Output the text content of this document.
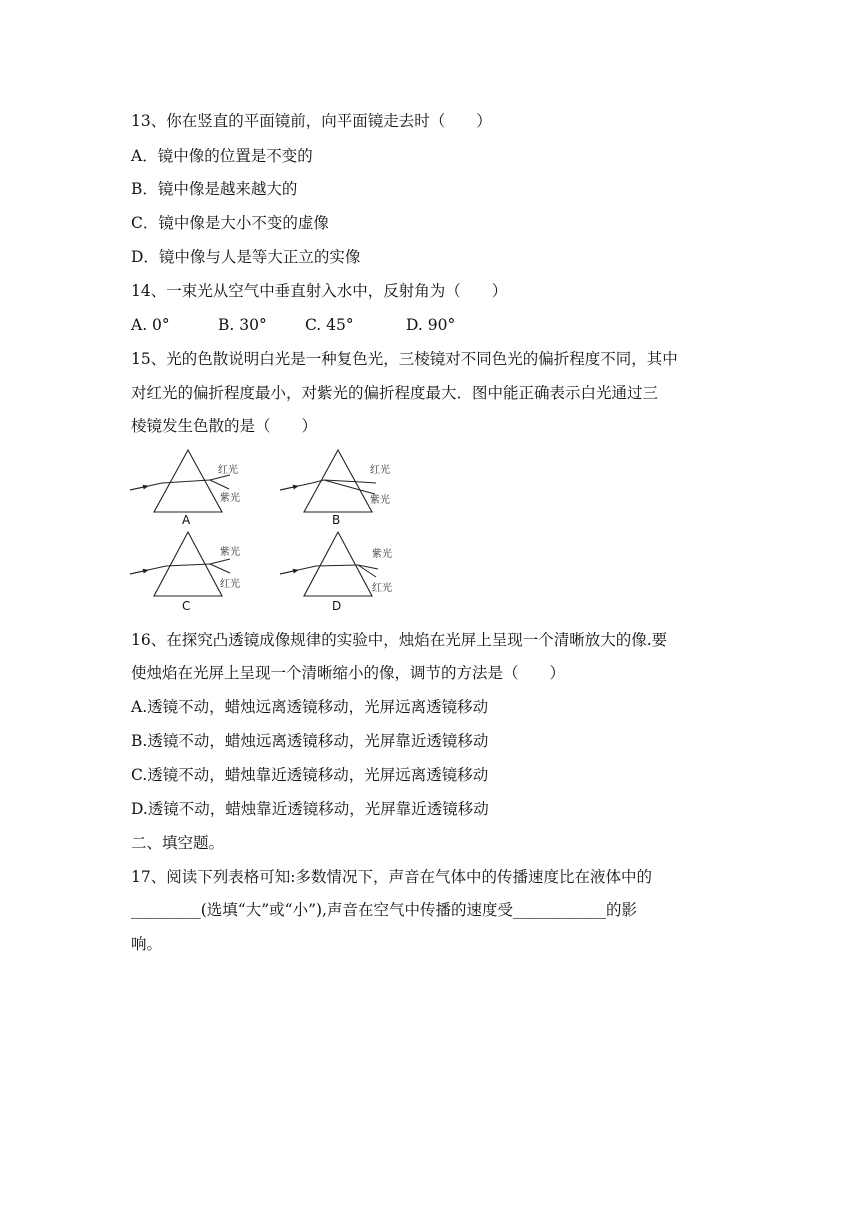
13、你在竖直的平面镜前，向平面镜走去时（　　）
A．镜中像的位置是不变的
B．镜中像是越来越大的
C．镜中像是大小不变的虚像
D．镜中像与人是等大正立的实像
14、一束光从空气中垂直射入水中，反射角为（　　）
A. 0°	B. 30° C. 45°	D. 90°
15、光的色散说明白光是一种复色光，三棱镜对不同色光的偏折程度不同，其中
对红光的偏折程度最小，对紫光的偏折程度最大．图中能正确表示白光通过三
棱镜发生色散的是（　　）
红光
紫光
A
红光
紫光
B
紫光
红光
C
紫光
红光
D
16、在探究凸透镜成像规律的实验中，烛焰在光屏上呈现一个清晰放大的像.要
使烛焰在光屏上呈现一个清晰缩小的像，调节的方法是（　　）
A.透镜不动，蜡烛远离透镜移动，光屏远离透镜移动
B.透镜不动，蜡烛远离透镜移动，光屏靠近透镜移动
C.透镜不动，蜡烛靠近透镜移动，光屏远离透镜移动
D.透镜不动，蜡烛靠近透镜移动，光屏靠近透镜移动
二、填空题。
17、阅读下列表格可知:多数情况下，声音在气体中的传播速度比在液体中的
_________(选填“大”或“小”),声音在空气中传播的速度受____________的影
响。
